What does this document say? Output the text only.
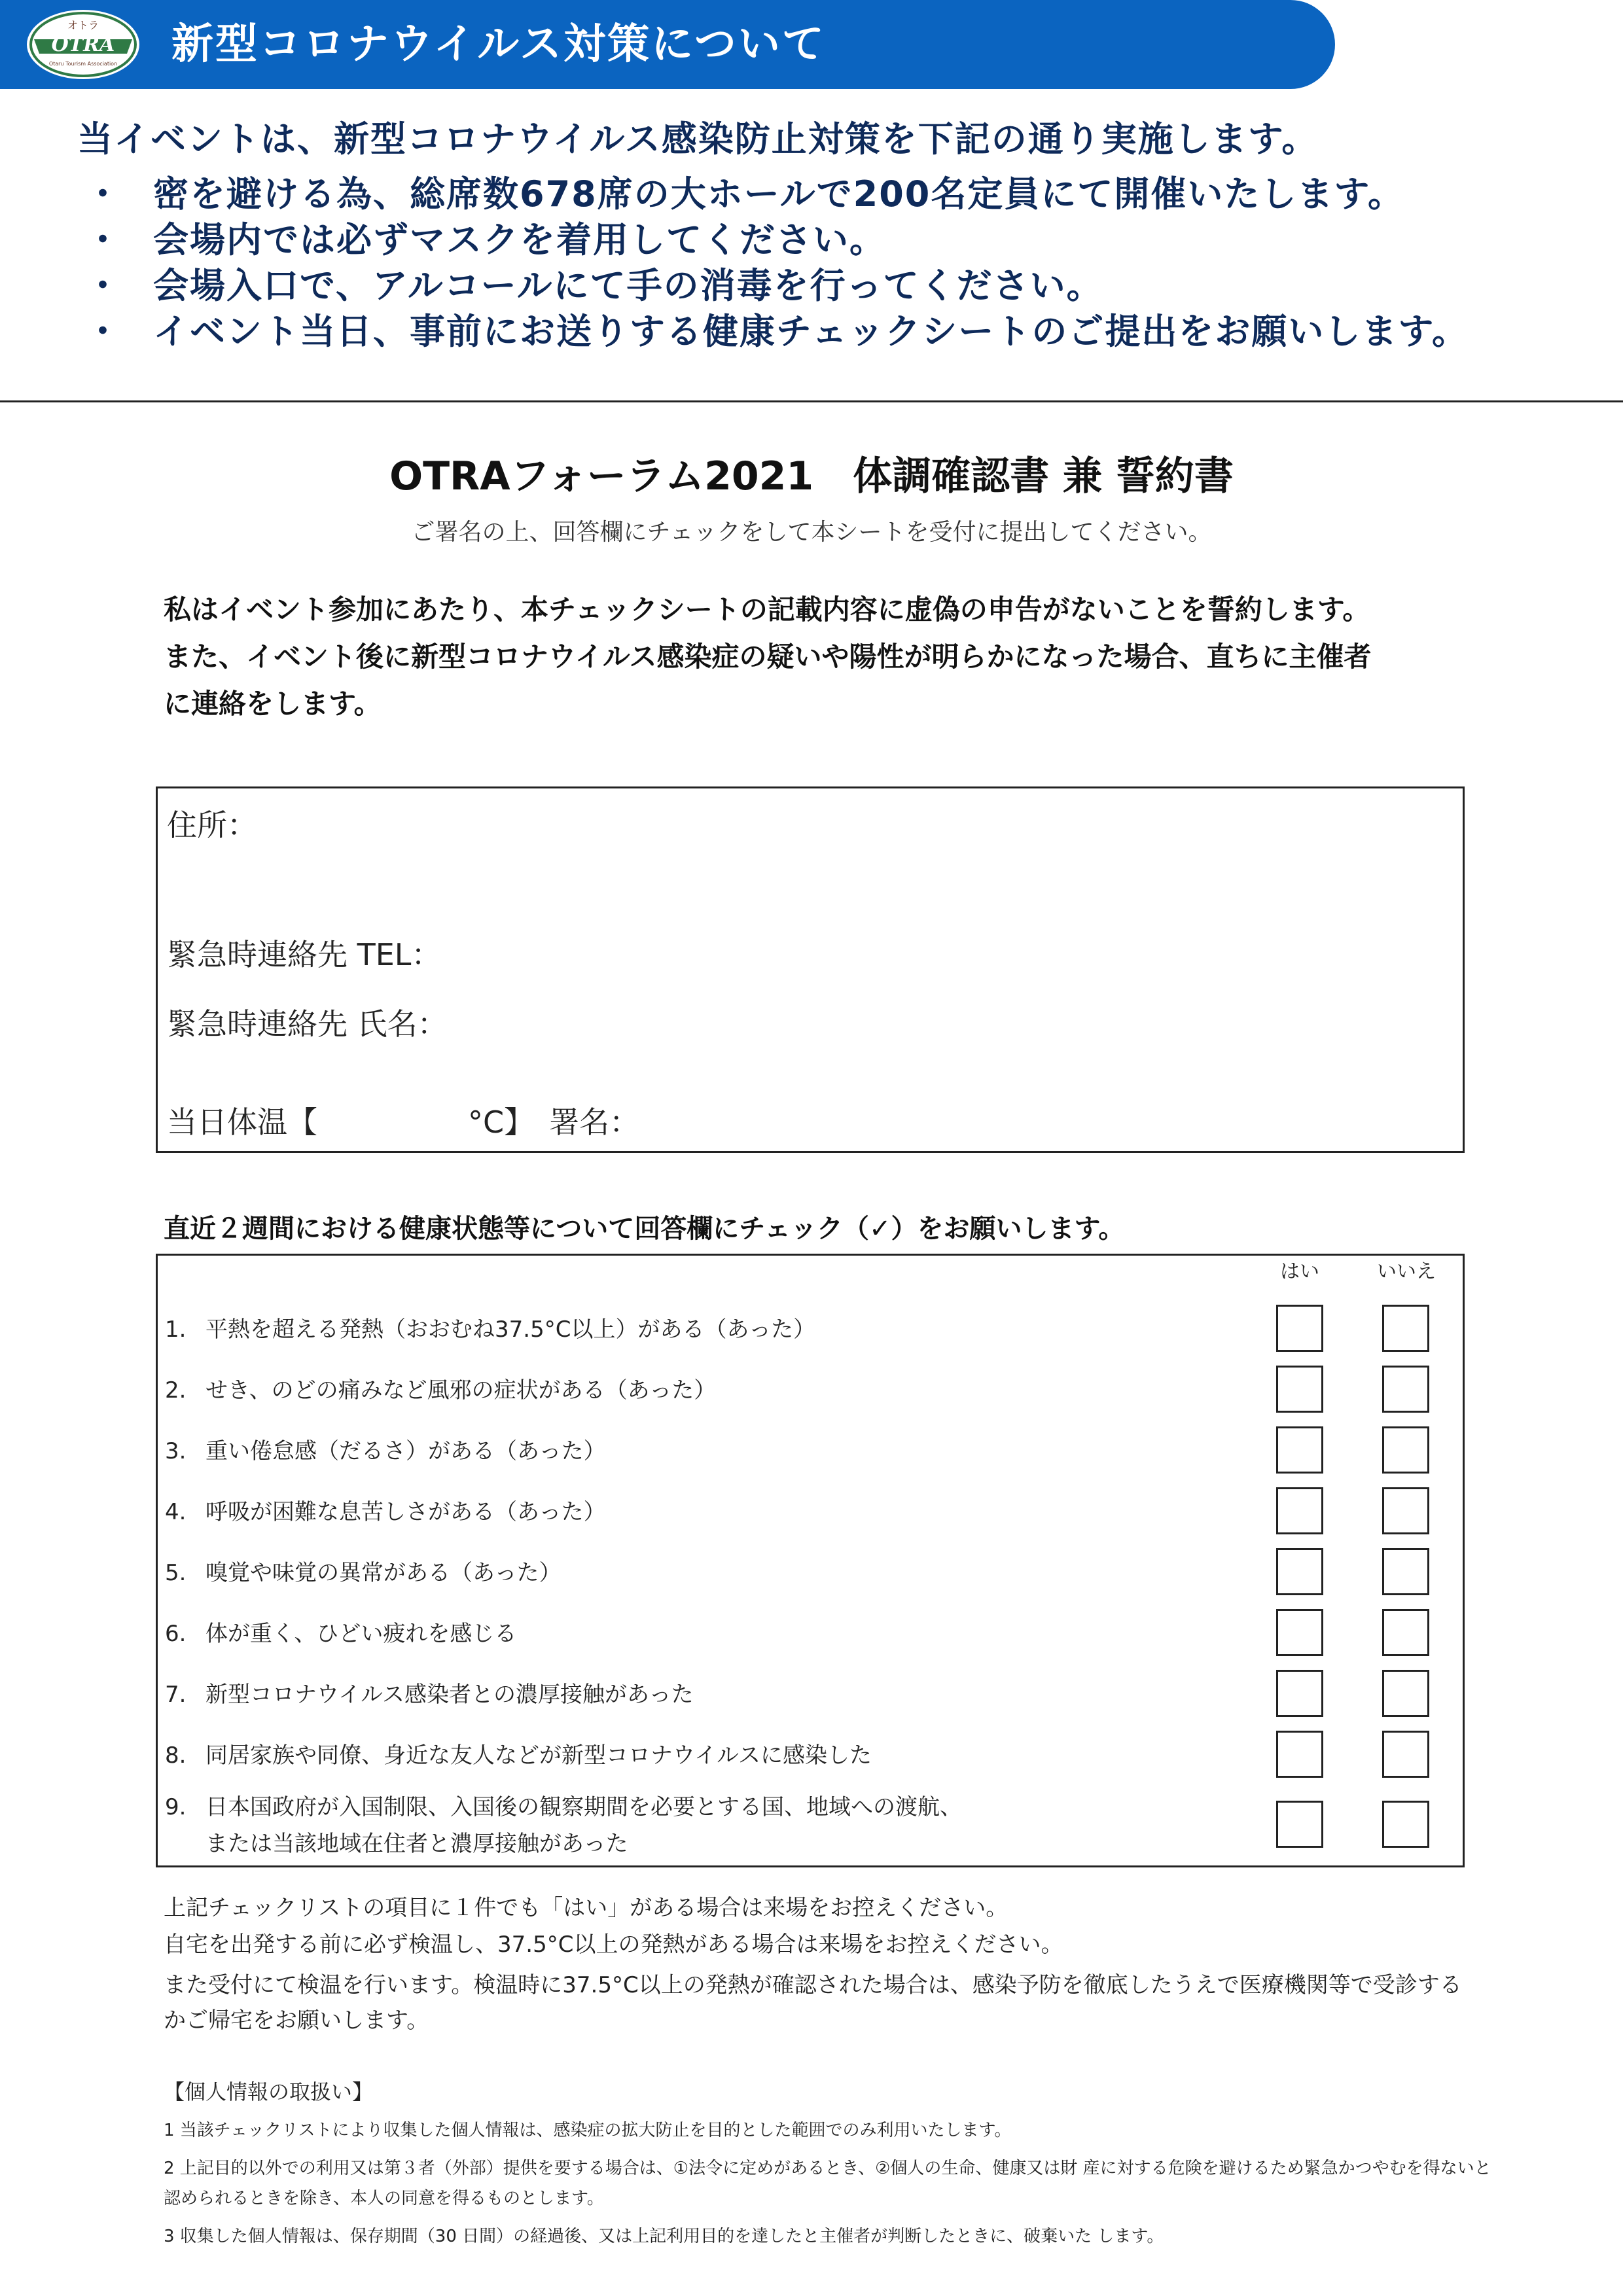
オトラ
OTRA
Otaru Tourism Association 新型コロナウイルス対策について
当イベントは、新型コロナウイルス感染防止対策を下記の通り実施します。
・ 密を避ける為、総席数678席の大ホールで200名定員にて開催いたします。
・ 会場内では必ずマスクを着用してください。
・ 会場入口で、アルコールにて手の消毒を行ってください。
・ イベント当日、事前にお送りする健康チェックシートのご提出をお願いします。
OTRAフォーラム2021　体調確認書 兼 誓約書
ご署名の上、回答欄にチェックをして本シートを受付に提出してください。
私はイベント参加にあたり、本チェックシートの記載内容に虚偽の申告がないことを誓約します。
また、イベント後に新型コロナウイルス感染症の疑いや陽性が明らかになった場合、直ちに主催者
に連絡をします。
住所：
緊急時連絡先 TEL：
緊急時連絡先 氏名：
当日体温【　　　　　°C】　署名：
直近２週間における健康状態等について回答欄にチェック（✓）をお願いします。
はい	いいえ
1. 平熱を超える発熱（おおむね37.5°C以上）がある（あった）
2. せき、のどの痛みなど風邪の症状がある（あった）
3. 重い倦怠感（だるさ）がある（あった）
4. 呼吸が困難な息苦しさがある（あった）
5. 嗅覚や味覚の異常がある（あった）
6. 体が重く、ひどい疲れを感じる
7. 新型コロナウイルス感染者との濃厚接触があった
8. 同居家族や同僚、身近な友人などが新型コロナウイルスに感染した
9. 日本国政府が入国制限、入国後の観察期間を必要とする国、地域への渡航、
または当該地域在住者と濃厚接触があった
上記チェックリストの項目に１件でも「はい」がある場合は来場をお控えください。
自宅を出発する前に必ず検温し、37.5°C以上の発熱がある場合は来場をお控えください。
また受付にて検温を行います。検温時に37.5°C以上の発熱が確認された場合は、感染予防を徹底したうえで医療機関等で受診する
かご帰宅をお願いします。
【個人情報の取扱い】
1 当該チェックリストにより収集した個人情報は、感染症の拡大防止を目的とした範囲でのみ利用いたします。
2 上記目的以外での利用又は第３者（外部）提供を要する場合は、①法令に定めがあるとき、②個人の生命、健康又は財 産に対する危険を避けるため緊急かつやむを得ないと
認められるときを除き、本人の同意を得るものとします。
3 収集した個人情報は、保存期間（30 日間）の経過後、又は上記利用目的を達したと主催者が判断したときに、破棄いた します。
